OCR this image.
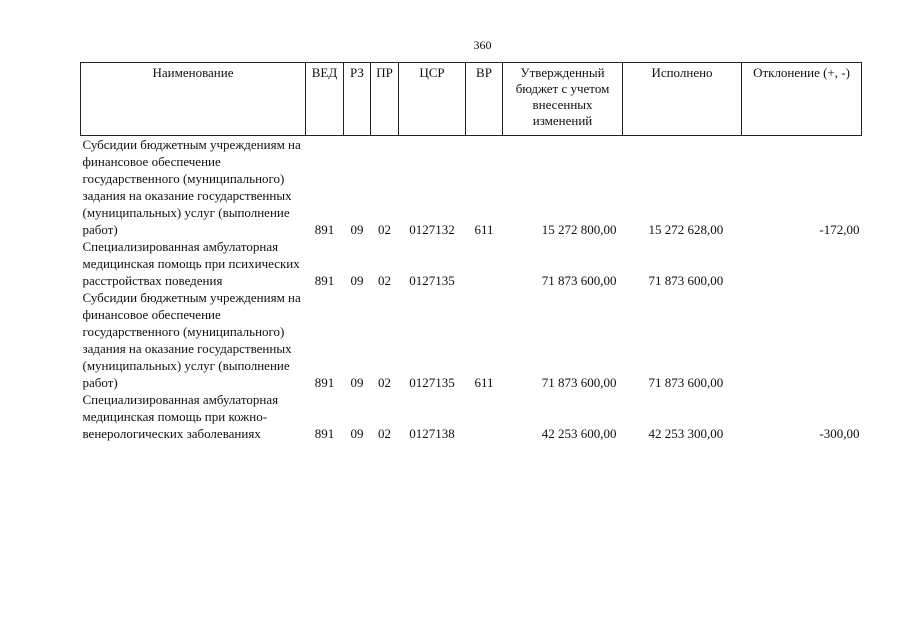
360
Наименование	ВЕД	РЗ	ПР	ЦСР	ВР	Утвержденный бюджет с учетом внесенных изменений	Исполнено	Отклонение (+, -)
Субсидии бюджетным учреждениям на финансовое обеспечение государственного (муниципального) задания на оказание государственных (муниципальных) услуг (выполнение работ)	891	09	02	0127132	611	15 272 800,00	15 272 628,00	-172,00
Специализированная амбулаторная медицинская помощь при психических расстройствах поведения	891	09	02	0127135		71 873 600,00	71 873 600,00	
Субсидии бюджетным учреждениям на финансовое обеспечение государственного (муниципального) задания на оказание государственных (муниципальных) услуг (выполнение работ)	891	09	02	0127135	611	71 873 600,00	71 873 600,00	
Специализированная амбулаторная медицинская помощь при кожно-венерологических заболеваниях	891	09	02	0127138		42 253 600,00	42 253 300,00	-300,00
